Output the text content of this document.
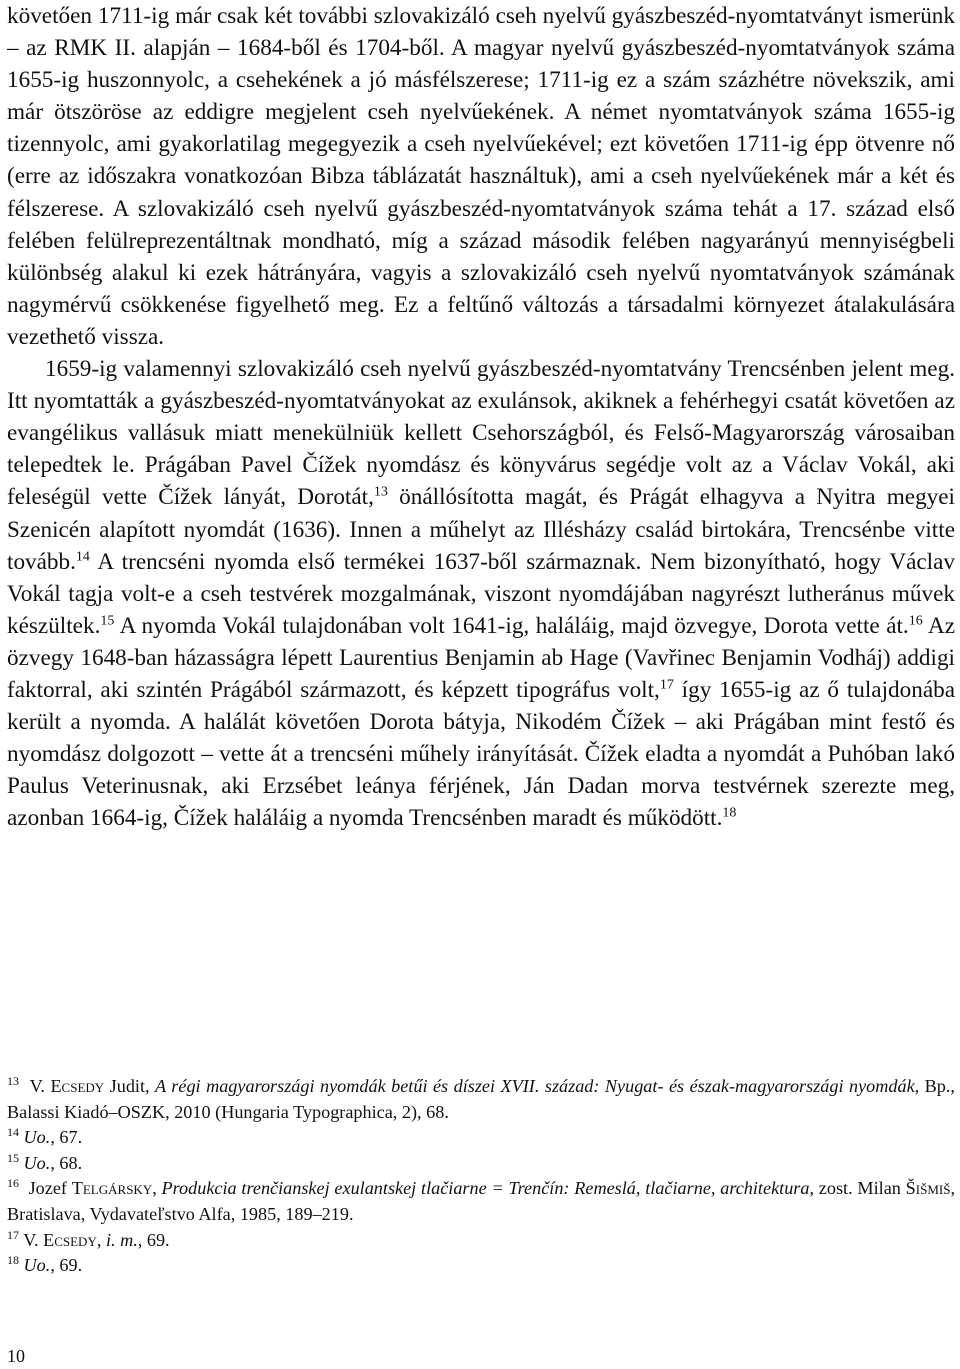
követően 1711-ig már csak két további szlovakizáló cseh nyelvű gyászbeszéd-nyomtatványt ismerünk – az RMK II. alapján – 1684-ből és 1704-ből. A magyar nyelvű gyászbeszéd-nyomtatványok száma 1655-ig huszonnyolc, a csehekének a jó másfélszerese; 1711-ig ez a szám százhétre növekszik, ami már ötszöröse az eddigre megjelent cseh nyelvűekének. A német nyomtatványok száma 1655-ig tizennyolc, ami gyakorlatilag megegyezik a cseh nyelvűekével; ezt követően 1711-ig épp ötvenre nő (erre az időszakra vonatkozóan Bibza táblázatát használtuk), ami a cseh nyelvűekének már a két és félszerese. A szlovakizáló cseh nyelvű gyászbeszéd-nyomtatványok száma tehát a 17. század első felében felülreprezentáltnak mondható, míg a század második felében nagyarányú mennyiségbeli különbség alakul ki ezek hátrányára, vagyis a szlovakizáló cseh nyelvű nyomtatványok számának nagymérvű csökkenése figyelhető meg. Ez a feltűnő változás a társadalmi környezet átalakulására vezethető vissza.

1659-ig valamennyi szlovakizáló cseh nyelvű gyászbeszéd-nyomtatvány Trencsénben jelent meg. Itt nyomtatták a gyászbeszéd-nyomtatványokat az exulánsok, akiknek a fehérhegyi csatát követően az evangélikus vallásuk miatt menekülniük kellett Csehországból, és Felső-Magyarország városaiban telepedtek le. Prágában Pavel Čížek nyomdász és könyvárus segédje volt az a Václav Vokál, aki feleségül vette Čížek lányát, Dorotát,$^{13}$ önállósította magát, és Prágát elhagyva a Nyitra megyei Szenicén alapított nyomdát (1636). Innen a műhelyt az Illésházy család birtokára, Trencsénbe vitte tovább.$^{14}$ A trencséni nyomda első termékei 1637-ből származnak. Nem bizonyítható, hogy Václav Vokál tagja volt-e a cseh testvérek mozgalmának, viszont nyomdájában nagyrészt lutheránus művek készültek.$^{15}$ A nyomda Vokál tulajdonában volt 1641-ig, haláláig, majd özvegye, Dorota vette át.$^{16}$ Az özvegy 1648-ban házasságra lépett Laurentius Benjamin ab Hage (Vavřinec Benjamin Vodháj) addigi faktorral, aki szintén Prágából származott, és képzett tipográfus volt,$^{17}$ így 1655-ig az ő tulajdonába került a nyomda. A halálát követően Dorota bátyja, Nikodém Čížek – aki Prágában mint festő és nyomdász dolgozott – vette át a trencséni műhely irányítását. Čížek eladta a nyomdát a Puhóban lakó Paulus Veterinusnak, aki Erzsébet leánya férjének, Ján Dadan morva testvérnek szerezte meg, azonban 1664-ig, Čížek haláláig a nyomda Trencsénben maradt és működött.$^{18}$

$^{13}$ V. Ecsedy Judit, A régi magyarországi nyomdák betűi és díszei XVII. század: Nyugat- és észak-magyarországi nyomdák, Bp., Balassi Kiadó–OSZK, 2010 (Hungaria Typographica, 2), 68.

$^{14}$ Uo., 67.

$^{15}$ Uo., 68.

$^{16}$ Jozef Telgársky, Produkcia trenčianskej exulantskej tlačiarne = Trenčín: Remeslá, tlačiarne, architektura, zost. Milan Šišmiš, Bratislava, Vydavateľstvo Alfa, 1985, 189–219.

$^{17}$ V. Ecsedy, i. m., 69.

$^{18}$ Uo., 69.

10
